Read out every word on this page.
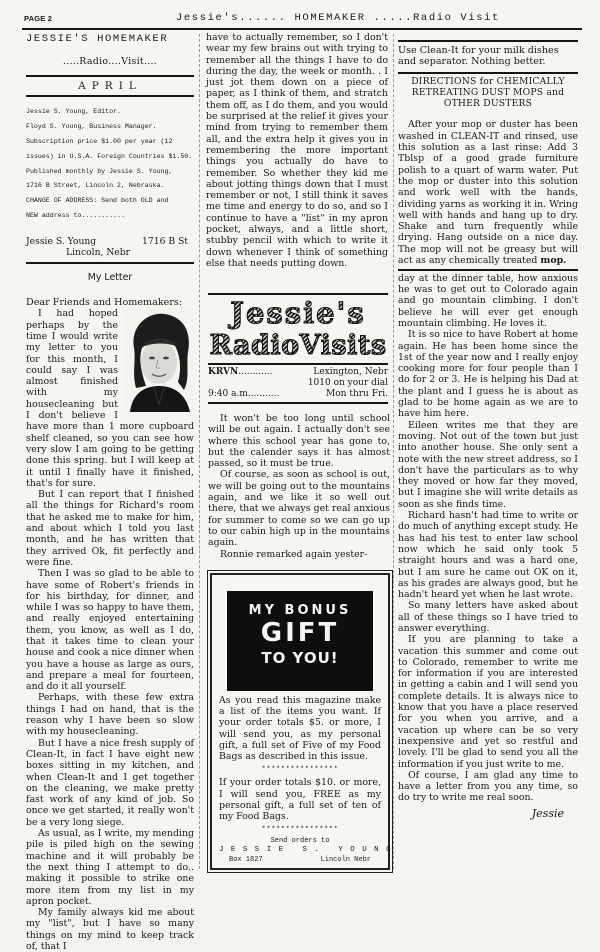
PAGE 2	Jessie's...... HOMEMAKER .....Radio Visit
JESSIE'S HOMEMAKER
.....Radio....Visit....
APRIL

Jessie S. Young, Editor.

Floyd S. Young, Business Manager.

Subscription price $1.00 per year (12

issues) in U.S.A. Foreign Countries $1.50.

Published monthly by Jessie S. Young,

1716 B Street, Lincoln 2, Nebraska.

CHANGE OF ADDRESS: Send both OLD and

NEW address to...........

Jessie S. Young	1716 B St
Lincoln, Nebr
My Letter

Dear Friends and Homemakers:

I had hoped perhaps by the time I would write my letter to you for this month, I could say I was almost finished with my housecleaning but I don't believe I have more than 1 more cupboard shelf cleaned, so you can see how very slow I am going to be getting done this spring. but I will keep at it until I finally have it finished, that's for sure.

But I can report that I finished all the things for Richard's room that he asked me to make for him, and about which I told you last month, and he has written that they arrived Ok, fit perfectly and were fine.

Then I was so glad to be able to have some of Robert's friends in for his birthday, for dinner, and while I was so happy to have them, and really enjoyed entertaining them, you know, as well as I do, that it takes time to clean your house and cook a nice dinner when you have a house as large as ours, and prepare a meal for fourteen, and do it all yourself.

Perhaps, with these few extra things I had on hand, that is the reason why I have been so slow with my housecleaning.

But I have a nice fresh supply of Clean-It, in fact I have eight new boxes sitting in my kitchen, and when Clean-It and I get together on the cleaning, we make pretty fast work of any kind of job. So once we get started, it really won't be a very long siege.

As usual, as I write, my mending pile is piled high on the sewing machine and it will probably be the next thing I attempt to do.. making it possible to strike one more item from my list in my apron pocket.

My family always kid me about my "list", but I have so many things on my mind to keep track of, that I

have to actually remember, so I don't wear my few brains out with trying to remember all the things I have to do during the day, the week or month. . I just jot them down on a piece of paper, as I think of them, and stratch them off, as I do them, and you would be surprised at the relief it gives your mind from trying to remember them all, and the extra help it gives you in remembering the more important things you actually do have to remember. So whether they kid me about jotting things down that I must remember or not, I still think it saves me time and energy to do so, and so I continue to have a "list" in my apron pocket, always, and a little short, stubby pencil with which to write it down whenever I think of something else that needs putting down.

Jessie's
RadioVisits
KRVN............	Lexington, Nebr
1010 on your dial
9:40 a.m...........	Mon thru Fri.

It won't be too long until school will be out again. I actually don't see where this school year has gone to, but the calender says it has almost passed, so it must be true.

Of course, as soon as school is out, we will be going out to the mountains again, and we like it so well out there, that we always get real anxious for summer to come so we can go up to our cabin high up in the mountains again.

Ronnie remarked again yester-

MY BONUS
GIFT
TO YOU!

As you read this magazine make a list of the items you want. If your order totals $5. or more, I will send you, as my personal gift, a full set of Five of my Food Bags as described in this issue.

****************

If your order totals $10. or more, I will send you, FREE as my personal gift, a full set of ten of my Food Bags.

****************
Send orders to
JESSIE S. YOUNG
Box 1827	Lincoln Nebr
Use Clean-It for your milk dishes and separator. Nothing better.
DIRECTIONS for CHEMICALLY
RETREATING DUST MOPS and
OTHER DUSTERS

After your mop or duster has been washed in CLEAN-IT and rinsed, use this solution as a last rinse: Add 3 Tblsp of a good grade furniture polish to a quart of warm water. Put the mop or duster into this solution and work well with the hands, dividing yarns as working it in. Wring well with hands and hang up to dry. Shake and turn frequently while drying. Hang outside on a nice day. The mop will not be greasy but will act as any chemically treated mop.

day at the dinner table, how anxious he was to get out to Colorado again and go mountain climbing. I don't believe he will ever get enough mountain climbing. He loves it.

It is so nice to have Robert at home again. He has been home since the 1st of the year now and I really enjoy cooking more for four people than I do for 2 or 3. He is helping his Dad at the plant and I guess he is about as glad to be home again as we are to have him here.

Eileen writes me that they are moving. Not out of the town but just into another house. She only sent a note with the new street address, so I don't have the particulars as to why they moved or how far they moved, but I imagine she will write details as soon as she finds time.

Richard hasn't had time to write or do much of anything except study. He has had his test to enter law school now which he said only took 5 straight hours and was a hard one, but I am sure he came out OK on it, as his grades are always good, but he hadn't heard yet when he last wrote.

So many letters have asked about all of these things so I have tried to answer everything.

If you are planning to take a vacation this summer and come out to Colorado, remember to write me for information if you are interested in getting a cabin and I will send you complete details. It is always nice to know that you have a place reserved for you when you arrive, and a vacation up where can be so very inexpensive and yet so restful and lovely. I'll be glad to send you all the information if you just write to me.

Of course, I am glad any time to have a letter from you any time, so do try to write me real soon.

Jessie
